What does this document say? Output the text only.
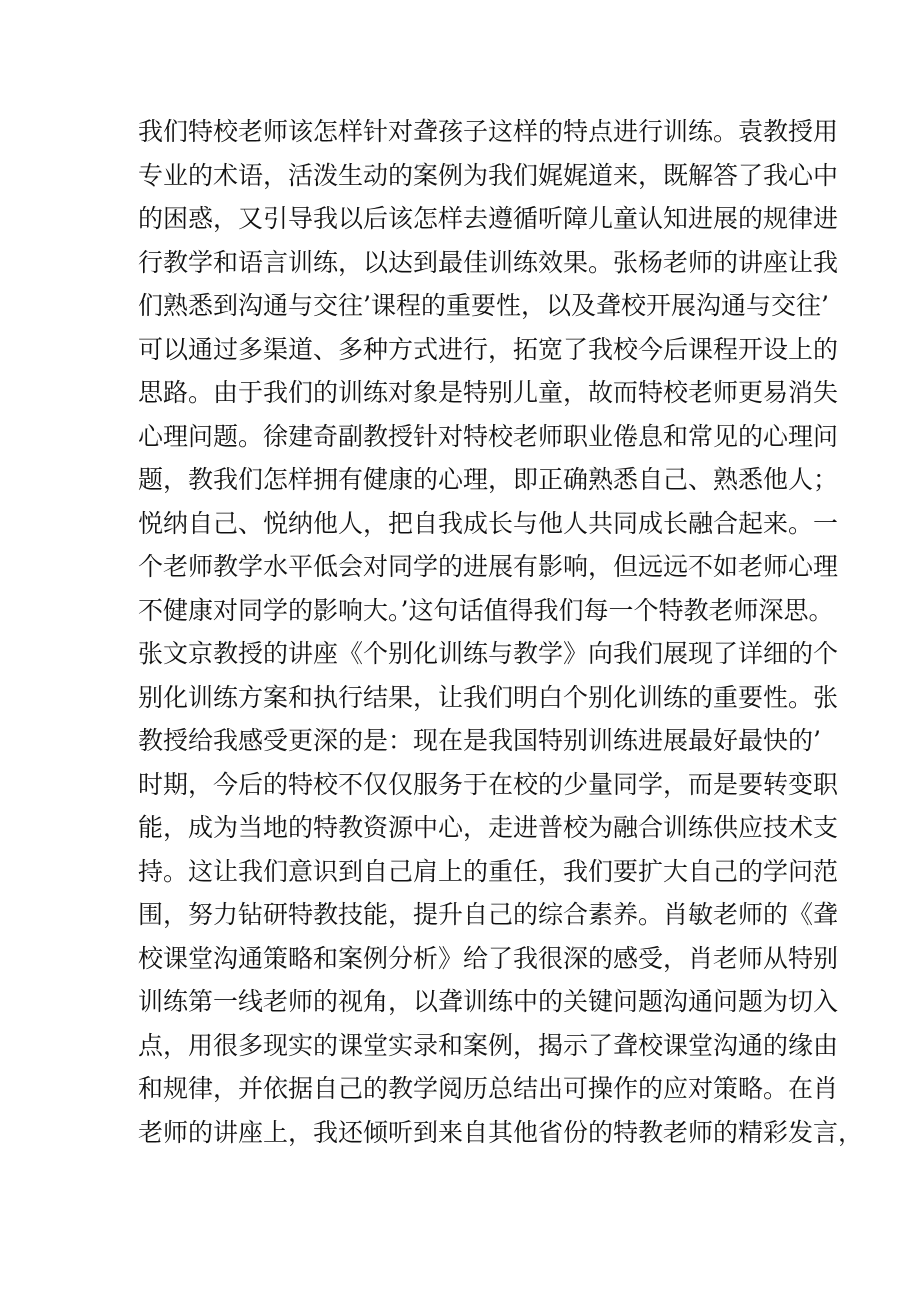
我们特校老师该怎样针对聋孩子这样的特点进行训练。袁教授用
专业的术语，活泼生动的案例为我们娓娓道来，既解答了我心中
的困惑，又引导我以后该怎样去遵循听障儿童认知进展的规律进
行教学和语言训练，以达到最佳训练效果。张杨老师的讲座让我
们熟悉到沟通与交往’课程的重要性，以及聋校开展沟通与交往’
可以通过多渠道、多种方式进行，拓宽了我校今后课程开设上的
思路。由于我们的训练对象是特别儿童，故而特校老师更易消失
心理问题。徐建奇副教授针对特校老师职业倦息和常见的心理问
题，教我们怎样拥有健康的心理，即正确熟悉自己、熟悉他人；
悦纳自己、悦纳他人，把自我成长与他人共同成长融合起来。一
个老师教学水平低会对同学的进展有影响，但远远不如老师心理
不健康对同学的影响大。’这句话值得我们每一个特教老师深思。
张文京教授的讲座《个别化训练与教学》向我们展现了详细的个
别化训练方案和执行结果，让我们明白个别化训练的重要性。张
教授给我感受更深的是：现在是我国特别训练进展最好最快的’
时期，今后的特校不仅仅服务于在校的少量同学，而是要转变职
能，成为当地的特教资源中心，走进普校为融合训练供应技术支
持。这让我们意识到自己肩上的重任，我们要扩大自己的学问范
围，努力钻研特教技能，提升自己的综合素养。肖敏老师的《聋
校课堂沟通策略和案例分析》给了我很深的感受，肖老师从特别
训练第一线老师的视角，以聋训练中的关键问题沟通问题为切入
点，用很多现实的课堂实录和案例，揭示了聋校课堂沟通的缘由
和规律，并依据自己的教学阅历总结出可操作的应对策略。在肖
老师的讲座上，我还倾听到来自其他省份的特教老师的精彩发言，
